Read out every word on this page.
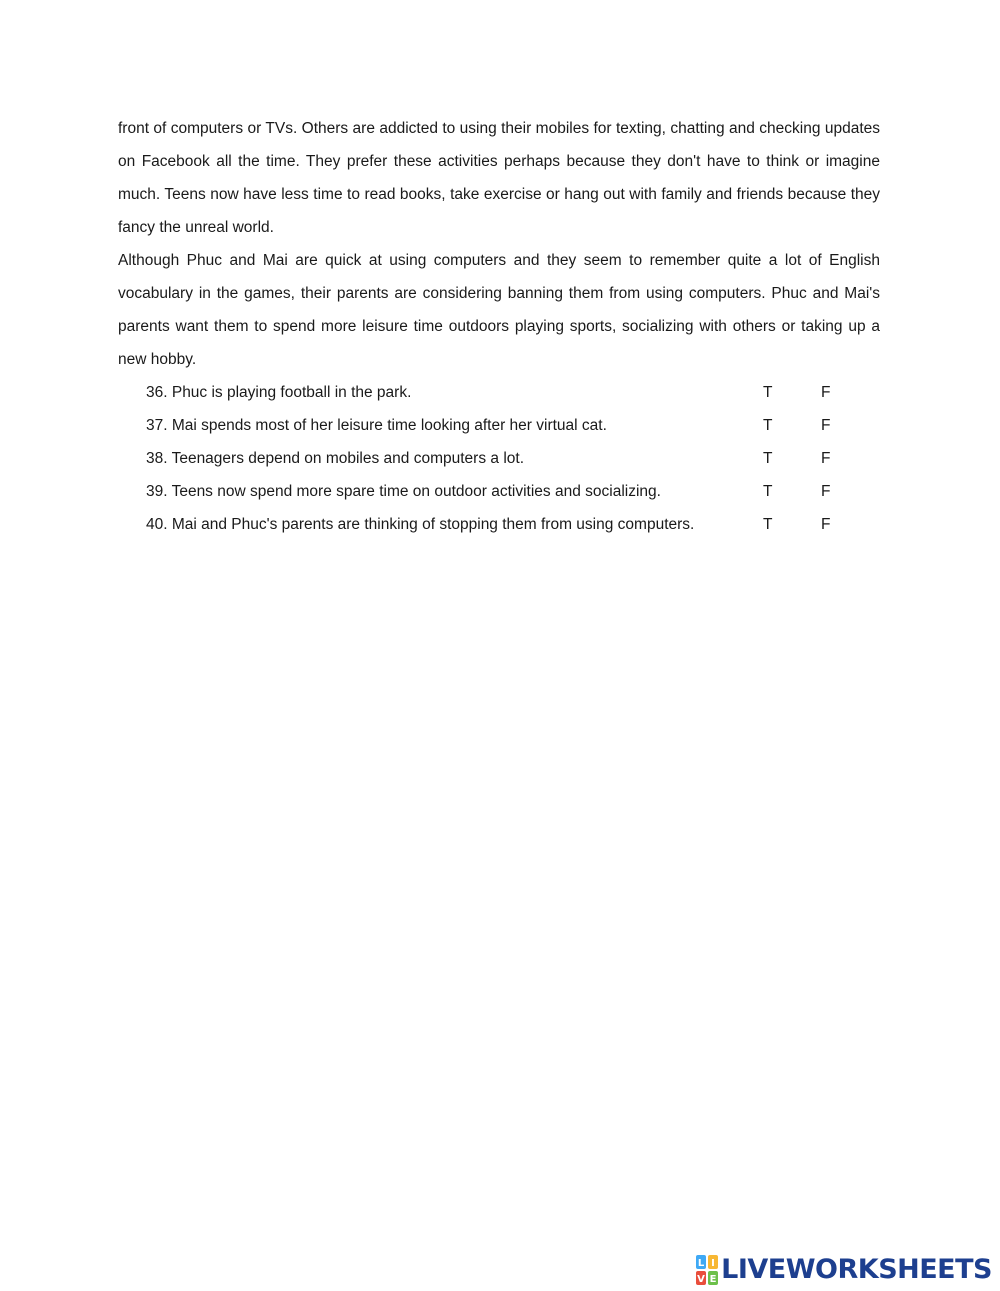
front of computers or TVs. Others are addicted to using their mobiles for texting, chatting and checking updates on Facebook all the time. They prefer these activities perhaps because they don't have to think or imagine much. Teens now have less time to read books, take exercise or hang out with family and friends because they fancy the unreal world.

Although Phuc and Mai are quick at using computers and they seem to remember quite a lot of English vocabulary in the games, their parents are considering banning them from using computers. Phuc and Mai's parents want them to spend more leisure time outdoors playing sports, socializing with others or taking up a new hobby.

36. Phuc is playing football in the park.	T	F
37. Mai spends most of her leisure time looking after her virtual cat.	T	F
38. Teenagers depend on mobiles and computers a lot.	T	F
39. Teens now spend more spare time on outdoor activities and socializing.	T	F
40. Mai and Phuc's parents are thinking of stopping them from using computers.	T	F
L I
V E LIVEWORKSHEETS
